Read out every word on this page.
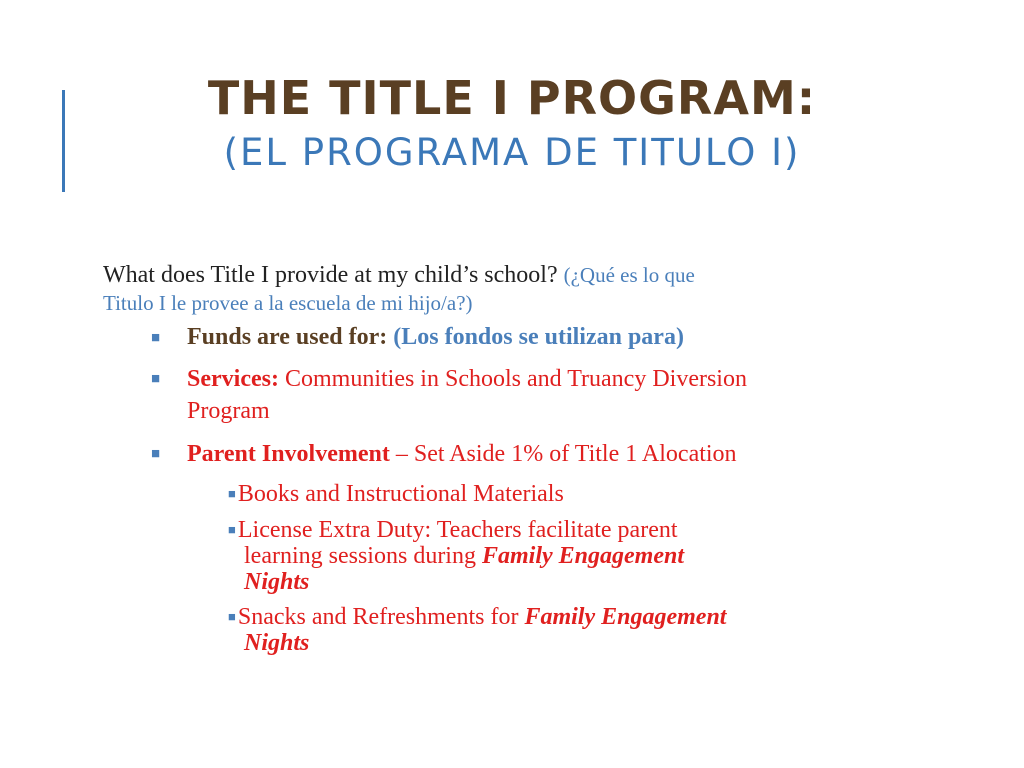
THE TITLE I PROGRAM:
(EL PROGRAMA DE TITULO I)
What does Title I provide at my child’s school? (¿Qué es lo que
Titulo I le provee a la escuela de mi hijo/a?)
■ Funds are used for: (Los fondos se utilizan para)
■ Services: Communities in Schools and Truancy Diversion
Program
■ Parent Involvement – Set Aside 1% of Title 1 Alocation
■Books and Instructional Materials
■License Extra Duty: Teachers facilitate parent
learning sessions during Family Engagement
Nights
■Snacks and Refreshments for Family Engagement
Nights
